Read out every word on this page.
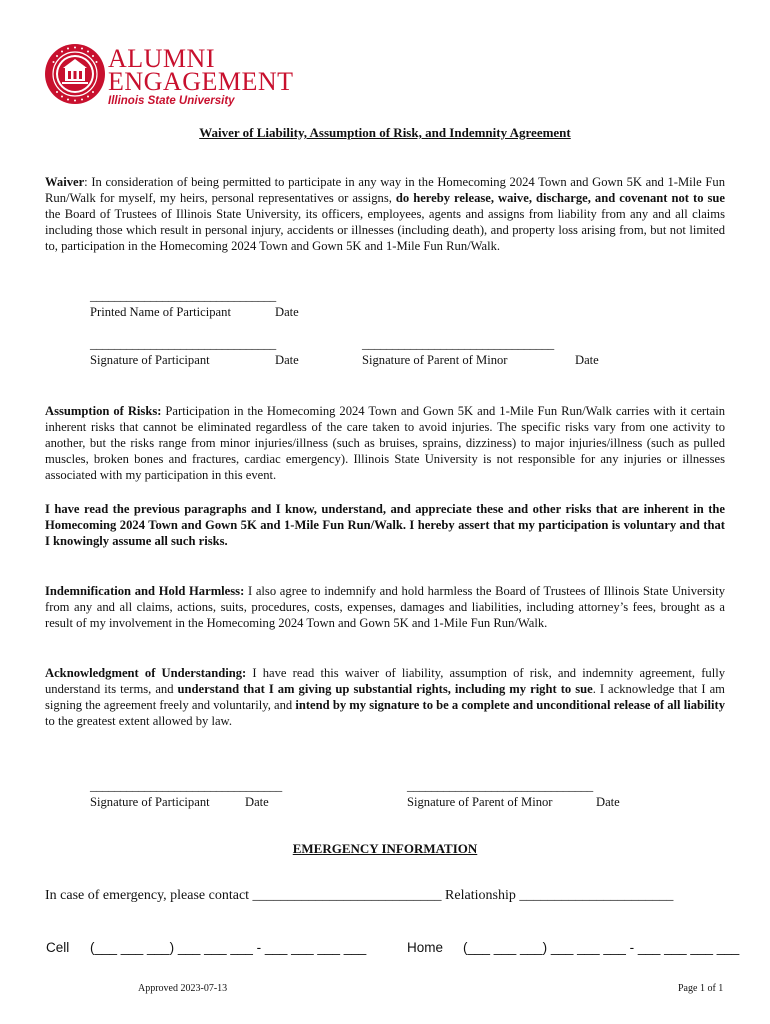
ALUMNI
ENGAGEMENT
Illinois State University
Waiver of Liability, Assumption of Risk, and Indemnity Agreement
Waiver: In consideration of being permitted to participate in any way in the Homecoming 2024 Town and Gown 5K and 1-Mile Fun Run/Walk for myself, my heirs, personal representatives or assigns, do hereby release, waive, discharge, and covenant not to sue the Board of Trustees of Illinois State University, its officers, employees, agents and assigns from liability from any and all claims including those which result in personal injury, accidents or illnesses (including death), and property loss arising from, but not limited to, participation in the Homecoming 2024 Town and Gown 5K and 1-Mile Fun Run/Walk.
_______________________________
Printed Name of Participant	Date
_______________________________
Signature of Participant	Date
________________________________
Signature of Parent of Minor	Date
Assumption of Risks: Participation in the Homecoming 2024 Town and Gown 5K and 1-Mile Fun Run/Walk carries with it certain inherent risks that cannot be eliminated regardless of the care taken to avoid injuries. The specific risks vary from one activity to another, but the risks range from minor injuries/illness (such as bruises, sprains, dizziness) to major injuries/illness (such as pulled muscles, broken bones and fractures, cardiac emergency). Illinois State University is not responsible for any injuries or illnesses associated with my participation in this event.
I have read the previous paragraphs and I know, understand, and appreciate these and other risks that are inherent in the Homecoming 2024 Town and Gown 5K and 1-Mile Fun Run/Walk. I hereby assert that my participation is voluntary and that I knowingly assume all such risks.
Indemnification and Hold Harmless: I also agree to indemnify and hold harmless the Board of Trustees of Illinois State University from any and all claims, actions, suits, procedures, costs, expenses, damages and liabilities, including attorney’s fees, brought as a result of my involvement in the Homecoming 2024 Town and Gown 5K and 1-Mile Fun Run/Walk.
Acknowledgment of Understanding: I have read this waiver of liability, assumption of risk, and indemnity agreement, fully understand its terms, and understand that I am giving up substantial rights, including my right to sue. I acknowledge that I am signing the agreement freely and voluntarily, and intend by my signature to be a complete and unconditional release of all liability to the greatest extent allowed by law.
________________________________
Signature of Participant	Date
_______________________________
Signature of Parent of Minor	Date
EMERGENCY INFORMATION
In case of emergency, please contact ___________________________ Relationship ______________________
Cell (___ ___ ___) ___ ___ ___ - ___ ___ ___ ___	Home (___ ___ ___) ___ ___ ___ - ___ ___ ___ ___
Approved 2023-07-13	Page 1 of 1
